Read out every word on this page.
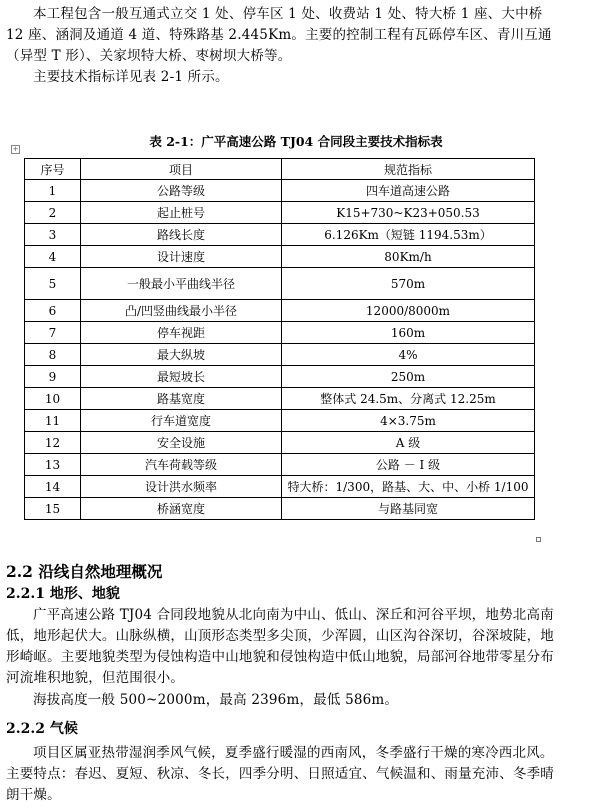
本工程包含一般互通式立交 1 处、停车区 1 处、收费站 1 处、特大桥 1 座、大中桥 12 座、涵洞及通道 4 道、特殊路基 2.445Km。主要的控制工程有瓦砾停车区、青川互通（异型 T 形）、关家坝特大桥、枣树坝大桥等。

主要技术指标详见表 2-1 所示。

表 2-1：广平高速公路 TJ04 合同段主要技术指标表

+
序号	项目	规范指标
1	公路等级	四车道高速公路
2	起止桩号	K15+730~K23+050.53
3	路线长度	6.126Km（短链 1194.53m）
4	设计速度	80Km/h
5	一般最小平曲线半径	570m
6	凸/凹竖曲线最小半径	12000/8000m
7	停车视距	160m
8	最大纵坡	4%
9	最短坡长	250m
10	路基宽度	整体式 24.5m、分离式 12.25m
11	行车道宽度	4×3.75m
12	安全设施	A 级
13	汽车荷载等级	公路 － Ⅰ 级
14	设计洪水频率	特大桥：1/300，路基、大、中、小桥 1/100
15	桥涵宽度	与路基同宽
2.2 沿线自然地理概况
2.2.1 地形、地貌

广平高速公路 TJ04 合同段地貌从北向南为中山、低山、深丘和河谷平坝，地势北高南低，地形起伏大。山脉纵横，山顶形态类型多尖顶，少浑圆，山区沟谷深切，谷深坡陡，地形崎岖。主要地貌类型为侵蚀构造中山地貌和侵蚀构造中低山地貌，局部河谷地带零星分布河流堆积地貌，但范围很小。

海拔高度一般 500~2000m，最高 2396m，最低 586m。

2.2.2 气候

项目区属亚热带湿润季风气候，夏季盛行暖湿的西南风，冬季盛行干燥的寒冷西北风。主要特点：春迟、夏短、秋凉、冬长，四季分明、日照适宜、气候温和、雨量充沛、冬季晴朗干燥。
